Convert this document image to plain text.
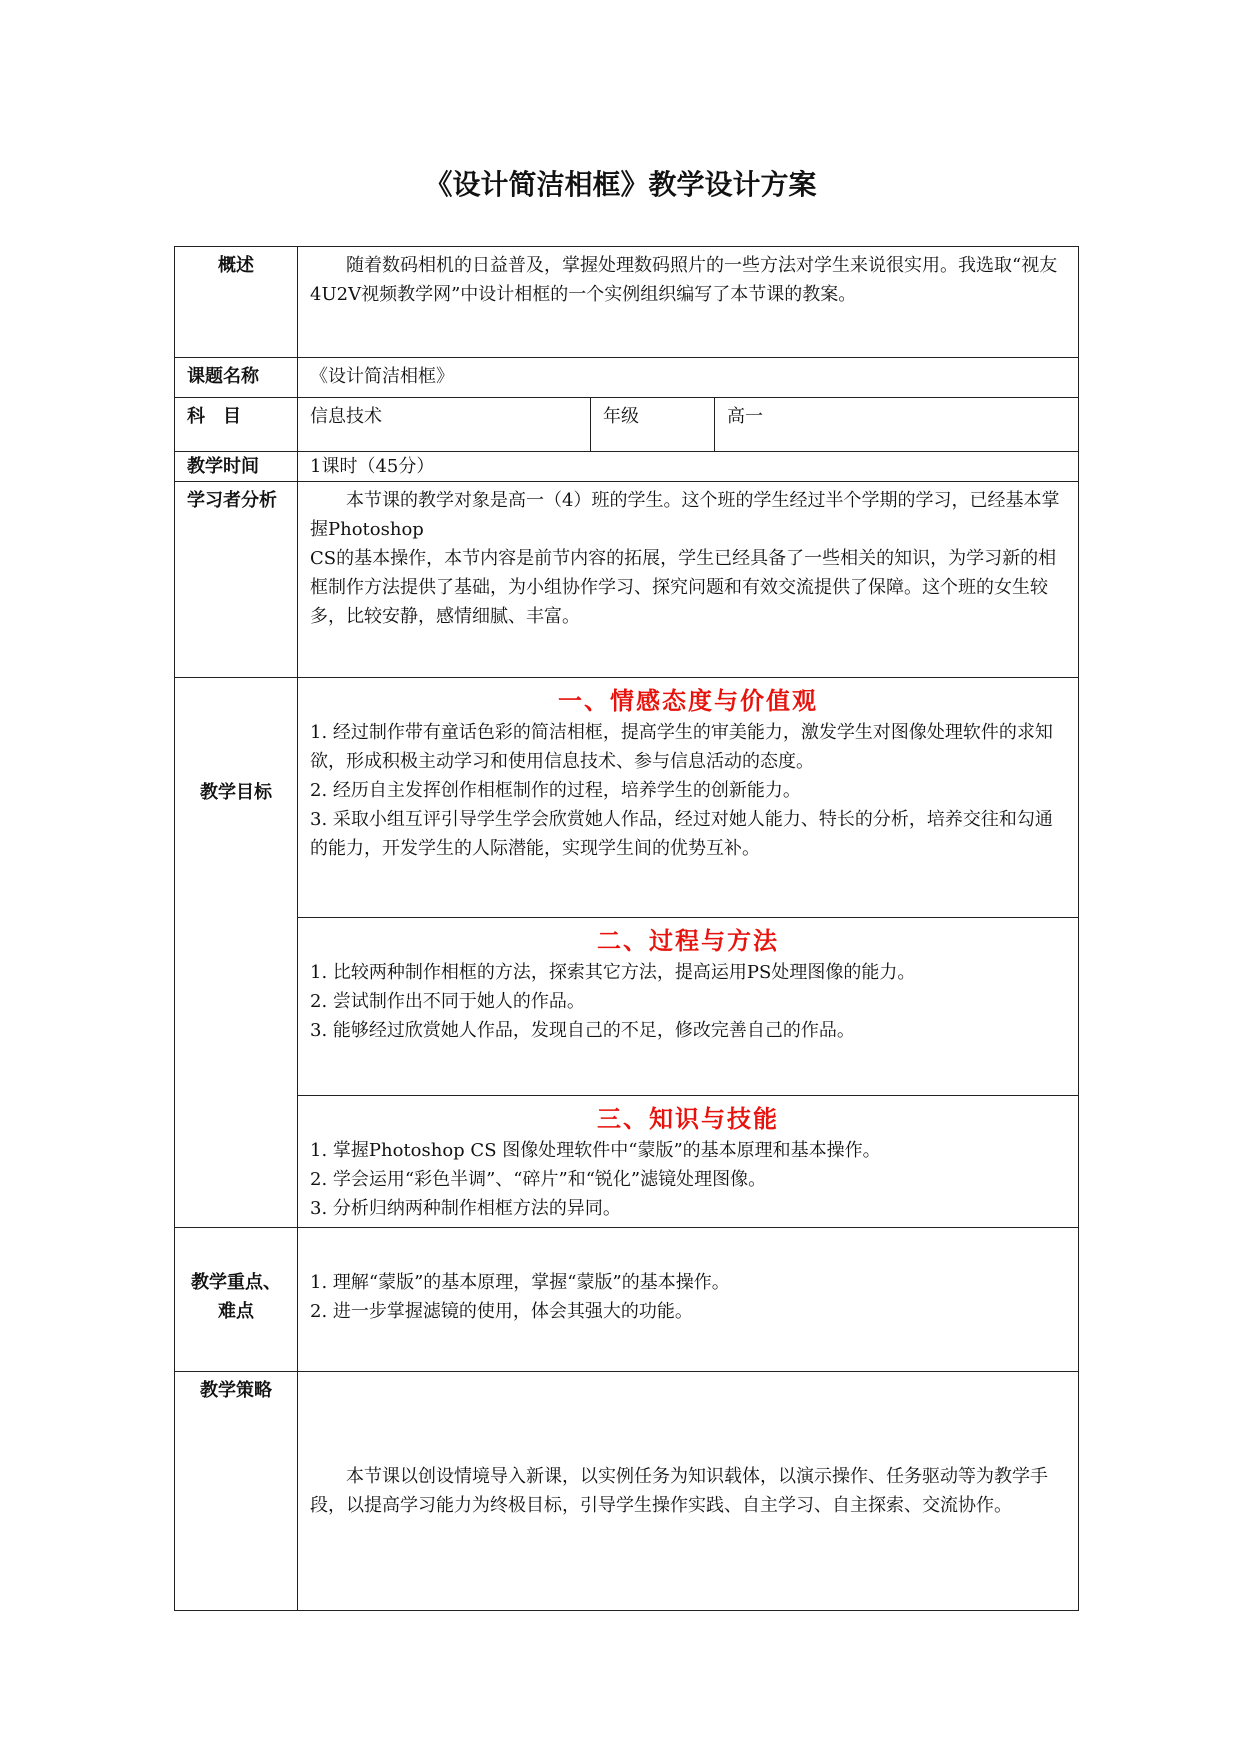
《设计简洁相框》教学设计方案
概述	随着数码相机的日益普及，掌握处理数码照片的一些方法对学生来说很实用。我选取“视友4U2V视频教学网”中设计相框的一个实例组织编写了本节课的教案。		
课题名称	《设计简洁相框》		
科　目	信息技术	年级	高一
教学时间	1课时（45分）		
学习者分析	本节课的教学对象是高一（4）班的学生。这个班的学生经过半个学期的学习，已经基本掌握Photoshop
CS的基本操作，本节内容是前节内容的拓展，学生已经具备了一些相关的知识，为学习新的相框制作方法提供了基础，为小组协作学习、探究问题和有效交流提供了保障。这个班的女生较多，比较安静，感情细腻、丰富。		

教学目标	一、情感态度与价值观

1. 经过制作带有童话色彩的简洁相框，提高学生的审美能力，激发学生对图像处理软件的求知欲，形成积极主动学习和使用信息技术、参与信息活动的态度。

2. 经历自主发挥创作相框制作的过程，培养学生的创新能力。

3. 采取小组互评引导学生学会欣赏她人作品，经过对她人能力、特长的分析，培养交往和勾通的能力，开发学生的人际潜能，实现学生间的优势互补。		

	二、过程与方法

1. 比较两种制作相框的方法，探索其它方法，提高运用PS处理图像的能力。

2. 尝试制作出不同于她人的作品。

3. 能够经过欣赏她人作品，发现自己的不足，修改完善自己的作品。		

	三、知识与技能

1. 掌握Photoshop CS 图像处理软件中“蒙版”的基本原理和基本操作。

2. 学会运用“彩色半调”、“碎片”和“锐化”滤镜处理图像。

3. 分析归纳两种制作相框方法的异同。		

教学重点、难点	1. 理解“蒙版”的基本原理，掌握“蒙版”的基本操作。

2. 进一步掌握滤镜的使用，体会其强大的功能。		

教学策略	本节课以创设情境导入新课，以实例任务为知识载体，以演示操作、任务驱动等为教学手段，以提高学习能力为终极目标，引导学生操作实践、自主学习、自主探索、交流协作。		
